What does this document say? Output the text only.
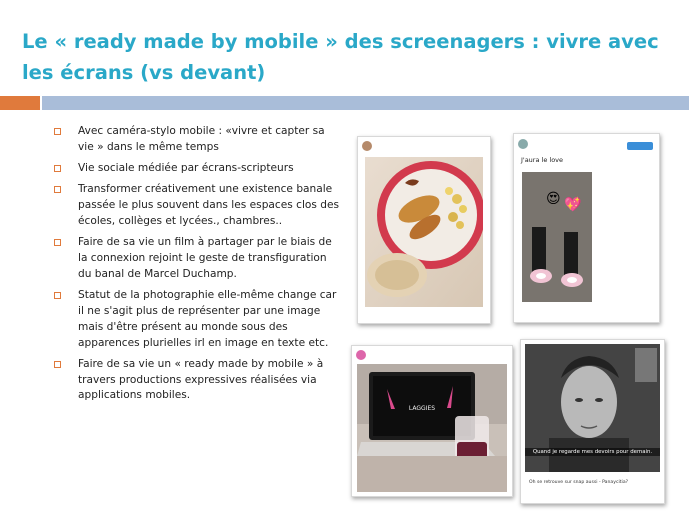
Le « ready made by mobile » des screenagers : vivre avec les écrans (vs devant)
Avec caméra-stylo mobile : «vivre et capter sa vie » dans le même temps
Vie sociale médiée par écrans-scripteurs
Transformer créativement une existence banale passée le plus souvent dans les espaces clos des écoles, collèges et lycées., chambres..
Faire de sa vie un film à partager par le biais de la connexion rejoint le geste de transfiguration du banal de Marcel Duchamp.
Statut de la photographie elle-même change car il ne s'agit plus de représenter par une image mais d'être présent au monde sous des apparences plurielles irl en image en texte etc.
Faire de sa vie un « ready made by mobile » à travers productions expressives réalisées via applications mobiles.
J'aura le love
😍 💖
LAGGIES
Quand je regarde mes devoirs pour demain.
Oh se retrouve sur snap aussi - Panaycitia?
